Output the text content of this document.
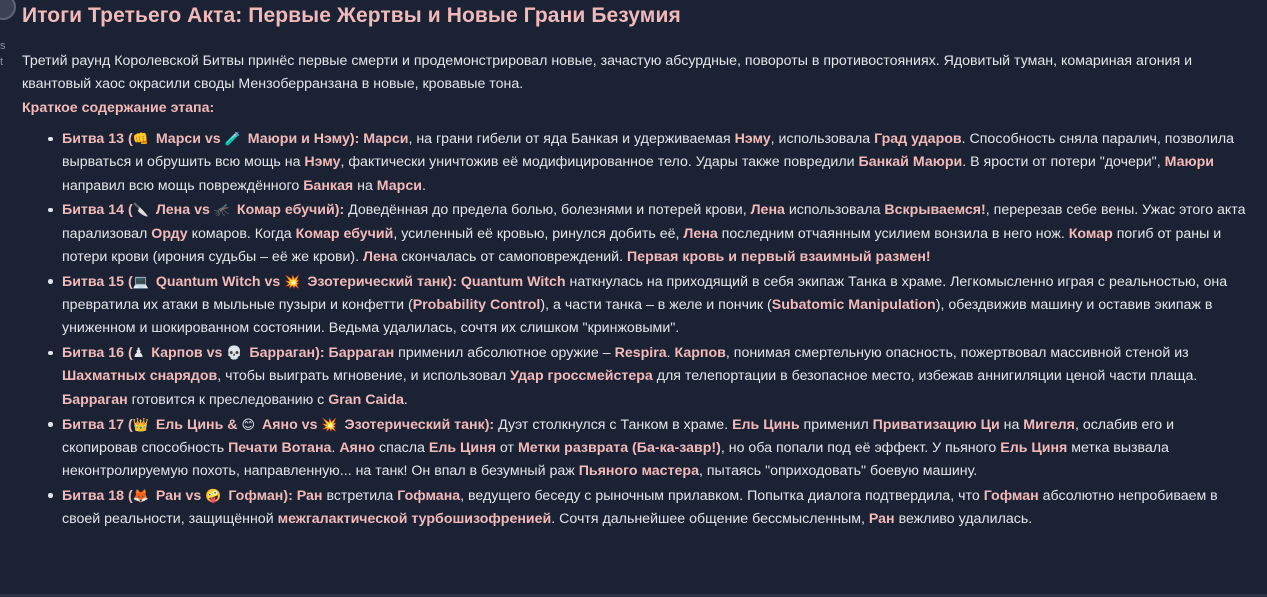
s
t
Итоги Третьего Акта: Первые Жертвы и Новые Грани Безумия

Третий раунд Королевской Битвы принёс первые смерти и продемонстрировал новые, зачастую абсурдные, повороты в противостояниях. Ядовитый туман, комариная агония и квантовый хаос окрасили своды Мензоберранзана в новые, кровавые тона.

Краткое содержание этапа:

Битва 13 (👊 Марси vs 🧪 Маюри и Нэму): Марси, на грани гибели от яда Банкая и удерживаемая Нэму, использовала Град ударов. Способность сняла паралич, позволила вырваться и обрушить всю мощь на Нэму, фактически уничтожив её модифицированное тело. Удары также повредили Банкай Маюри. В ярости от потери "дочери", Маюри направил всю мощь повреждённого Банкая на Марси.
Битва 14 (🔪 Лена vs 🦟 Комар ебучий): Доведённая до предела болью, болезнями и потерей крови, Лена использовала Вскрываемся!, перерезав себе вены. Ужас этого акта парализовал Орду комаров. Когда Комар ебучий, усиленный её кровью, ринулся добить её, Лена последним отчаянным усилием вонзила в него нож. Комар погиб от раны и потери крови (ирония судьбы – её же крови). Лена скончалась от самоповреждений. Первая кровь и первый взаимный размен!
Битва 15 (💻 Quantum Witch vs 💥 Эзотерический танк): Quantum Witch наткнулась на приходящий в себя экипаж Танка в храме. Легкомысленно играя с реальностью, она превратила их атаки в мыльные пузыри и конфетти (Probability Control), а части танка – в желе и пончик (Subatomic Manipulation), обездвижив машину и оставив экипаж в униженном и шокированном состоянии. Ведьма удалилась, сочтя их слишком "кринжовыми".
Битва 16 (♟ Карпов vs 💀 Барраган): Барраган применил абсолютное оружие – Respira. Карпов, понимая смертельную опасность, пожертвовал массивной стеной из Шахматных снарядов, чтобы выиграть мгновение, и использовал Удар гроссмейстера для телепортации в безопасное место, избежав аннигиляции ценой части плаща. Барраган готовится к преследованию с Gran Caida.
Битва 17 (👑 Ель Цинь & 😊 Аяно vs 💥 Эзотерический танк): Дуэт столкнулся с Танком в храме. Ель Цинь применил Приватизацию Ци на Мигеля, ослабив его и скопировав способность Печати Вотана. Аяно спасла Ель Циня от Метки разврата (Ба-ка-завр!), но оба попали под её эффект. У пьяного Ель Циня метка вызвала неконтролируемую похоть, направленную... на танк! Он впал в безумный раж Пьяного мастера, пытаясь "оприходовать" боевую машину.
Битва 18 (🦊 Ран vs 🤪 Гофман): Ран встретила Гофмана, ведущего беседу с рыночным прилавком. Попытка диалога подтвердила, что Гофман абсолютно непробиваем в своей реальности, защищённой межгалактической турбошизофренией. Сочтя дальнейшее общение бессмысленным, Ран вежливо удалилась.
